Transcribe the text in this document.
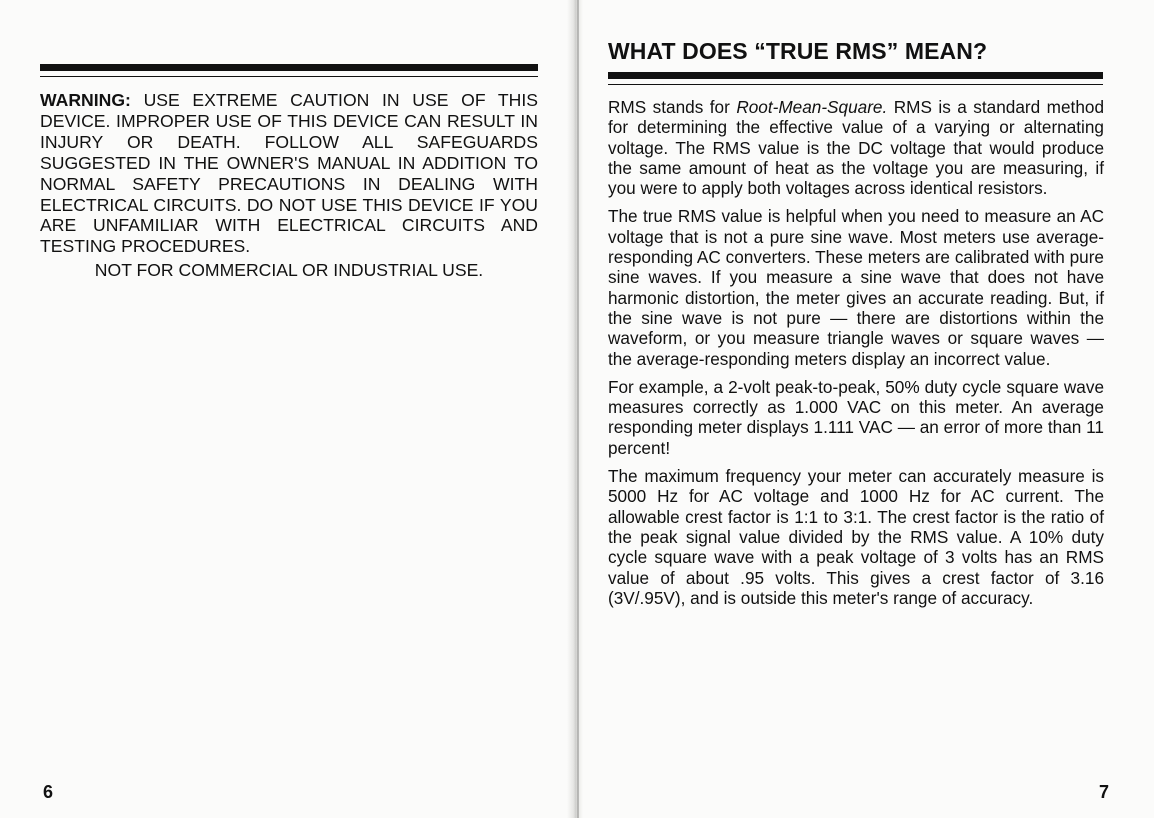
WARNING: USE EXTREME CAUTION IN USE OF THIS DEVICE. IMPROPER USE OF THIS DEVICE CAN RESULT IN INJURY OR DEATH. FOLLOW ALL SAFEGUARDS SUGGESTED IN THE OWNER'S MANUAL IN ADDITION TO NORMAL SAFETY PRECAUTIONS IN DEALING WITH ELECTRICAL CIRCUITS. DO NOT USE THIS DEVICE IF YOU ARE UNFAMILIAR WITH ELECTRICAL CIRCUITS AND TESTING PROCEDURES.
NOT FOR COMMERCIAL OR INDUSTRIAL USE.
6
WHAT DOES “TRUE RMS” MEAN?

RMS stands for Root-Mean-Square. RMS is a standard method for determining the effective value of a varying or alternating voltage. The RMS value is the DC voltage that would produce the same amount of heat as the voltage you are measuring, if you were to apply both voltages across identical resistors.

The true RMS value is helpful when you need to measure an AC voltage that is not a pure sine wave. Most meters use average-responding AC converters. These meters are calibrated with pure sine waves. If you measure a sine wave that does not have harmonic distortion, the meter gives an accurate reading. But, if the sine wave is not pure — there are distortions within the waveform, or you measure triangle waves or square waves — the average-responding meters display an incorrect value.

For example, a 2-volt peak-to-peak, 50% duty cycle square wave measures correctly as 1.000 VAC on this meter. An average responding meter displays 1.111 VAC — an error of more than 11 percent!

The maximum frequency your meter can accurately measure is 5000 Hz for AC voltage and 1000 Hz for AC current. The allowable crest factor is 1:1 to 3:1. The crest factor is the ratio of the peak signal value divided by the RMS value. A 10% duty cycle square wave with a peak voltage of 3 volts has an RMS value of about .95 volts. This gives a crest factor of 3.16 (3V/.95V), and is outside this meter's range of accuracy.

7
